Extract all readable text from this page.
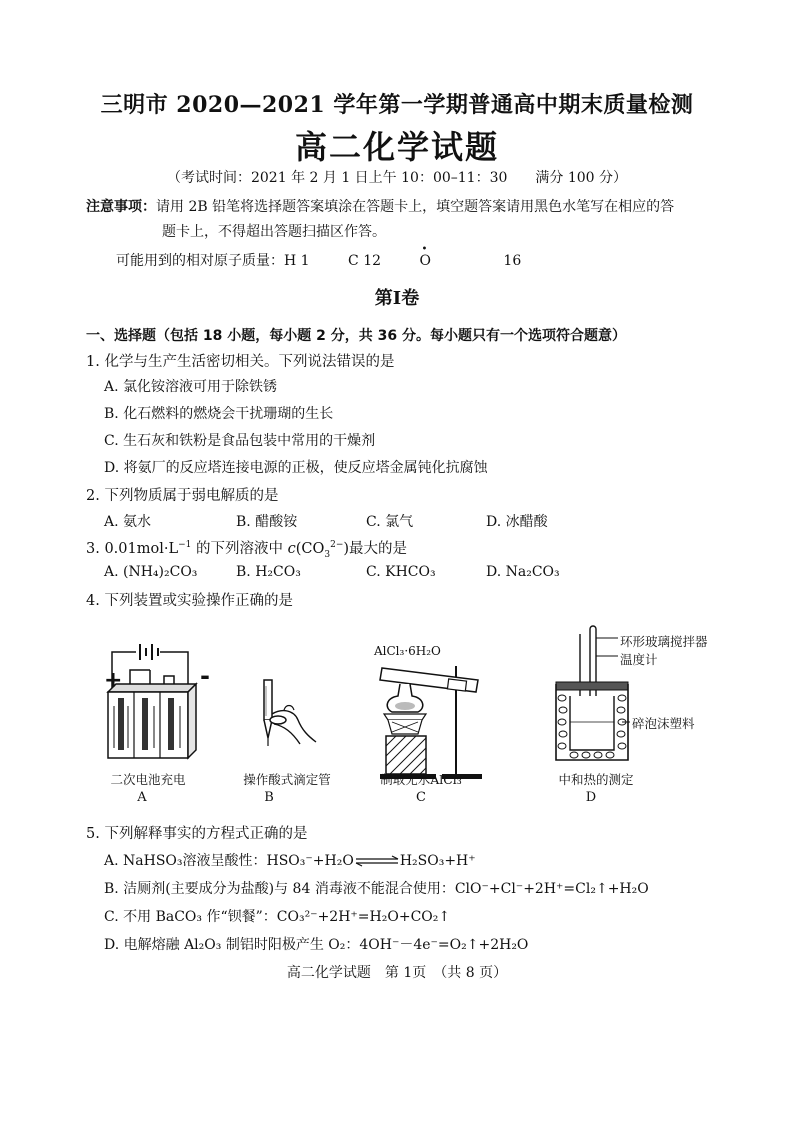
三明市 2020—2021 学年第一学期普通高中期末质量检测
高二化学试题
（考试时间：2021 年 2 月 1 日上午 10：00–11：30　　满分 100 分）
注意事项：请用 2B 铅笔将选择题答案填涂在答题卡上，填空题答案请用黑色水笔写在相应的答
题卡上，不得超出答题扫描区作答。
可能用到的相对原子质量：H 1	C 12
•
O	16
第Ⅰ卷
一、选择题（包括 18 小题，每小题 2 分，共 36 分。每小题只有一个选项符合题意）
1. 化学与生产生活密切相关。下列说法错误的是
A. 氯化铵溶液可用于除铁锈
B. 化石燃料的燃烧会干扰珊瑚的生长
C. 生石灰和铁粉是食品包装中常用的干燥剂
D. 将氨厂的反应塔连接电源的正极，使反应塔金属钝化抗腐蚀
2. 下列物质属于弱电解质的是
A. 氨水	B. 醋酸铵	C. 氯气	D. 冰醋酸
3. $0.01mol\cdot L^{-1}$ 的下列溶液中 $c(CO_3^{2-})$最大的是
A. (NH₄)₂CO₃	B. H₂CO₃	C. KHCO₃	D. Na₂CO₃
4. 下列装置或实验操作正确的是
+	-
AlCl₃·6H₂O
环形玻璃搅拌器
温度计
碎泡沫塑料
二次电池充电
A
操作酸式滴定管
B
制取无水AlCl₃
C
中和热的测定
D
5. 下列解释事实的方程式正确的是
A. NaHSO₃溶液呈酸性：HSO₃⁻+H₂O⇌H₂SO₃+H⁺
B. 洁厕剂(主要成分为盐酸)与 84 消毒液不能混合使用：ClO⁻+Cl⁻+2H⁺=Cl₂↑+H₂O
C. 不用 BaCO₃ 作“钡餐”：CO₃²⁻+2H⁺=H₂O+CO₂↑
D. 电解熔融 Al₂O₃ 制铝时阳极产生 O₂：4OH⁻－4e⁻=O₂↑+2H₂O
高二化学试题　第 1页　（共 8 页）
